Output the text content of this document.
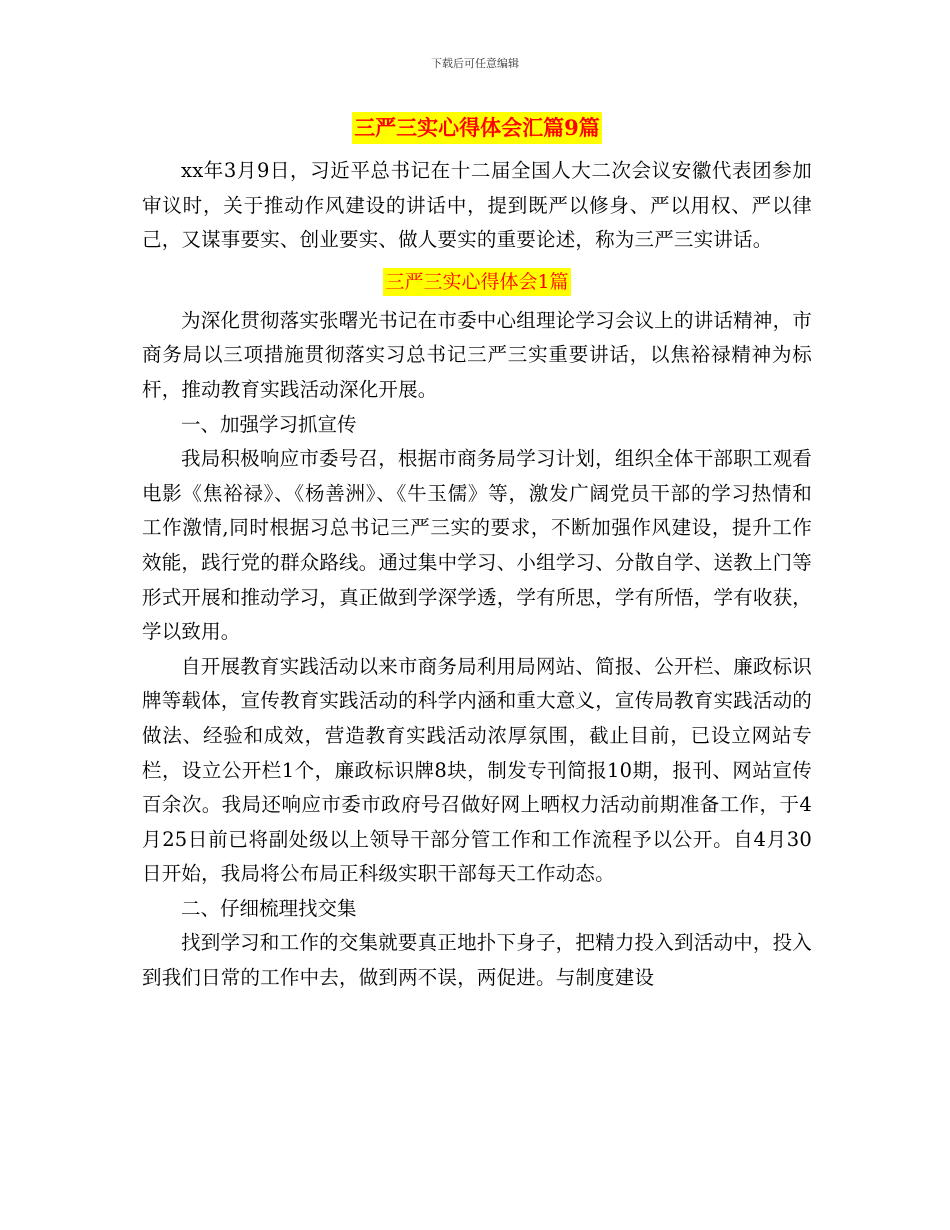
下载后可任意编辑
三严三实心得体会汇篇9篇

xx年3月9日，习近平总书记在十二届全国人大二次会议安徽代表团参加审议时，关于推动作风建设的讲话中，提到既严以修身、严以用权、严以律己，又谋事要实、创业要实、做人要实的重要论述，称为三严三实讲话。

三严三实心得体会1篇

为深化贯彻落实张曙光书记在市委中心组理论学习会议上的讲话精神，市商务局以三项措施贯彻落实习总书记三严三实重要讲话，以焦裕禄精神为标杆，推动教育实践活动深化开展。

一、加强学习抓宣传

我局积极响应市委号召，根据市商务局学习计划，组织全体干部职工观看电影《焦裕禄》、《杨善洲》、《牛玉儒》等，激发广阔党员干部的学习热情和工作激情,同时根据习总书记三严三实的要求，不断加强作风建设，提升工作效能，践行党的群众路线。通过集中学习、小组学习、分散自学、送教上门等形式开展和推动学习，真正做到学深学透，学有所思，学有所悟，学有收获，学以致用。

自开展教育实践活动以来市商务局利用局网站、简报、公开栏、廉政标识牌等载体，宣传教育实践活动的科学内涵和重大意义，宣传局教育实践活动的做法、经验和成效，营造教育实践活动浓厚氛围，截止目前，已设立网站专栏，设立公开栏1个，廉政标识牌8块，制发专刊简报10期，报刊、网站宣传百余次。我局还响应市委市政府号召做好网上晒权力活动前期准备工作，于4月25日前已将副处级以上领导干部分管工作和工作流程予以公开。自4月30日开始，我局将公布局正科级实职干部每天工作动态。

二、仔细梳理找交集

找到学习和工作的交集就要真正地扑下身子，把精力投入到活动中，投入到我们日常的工作中去，做到两不误，两促进。与制度建设
